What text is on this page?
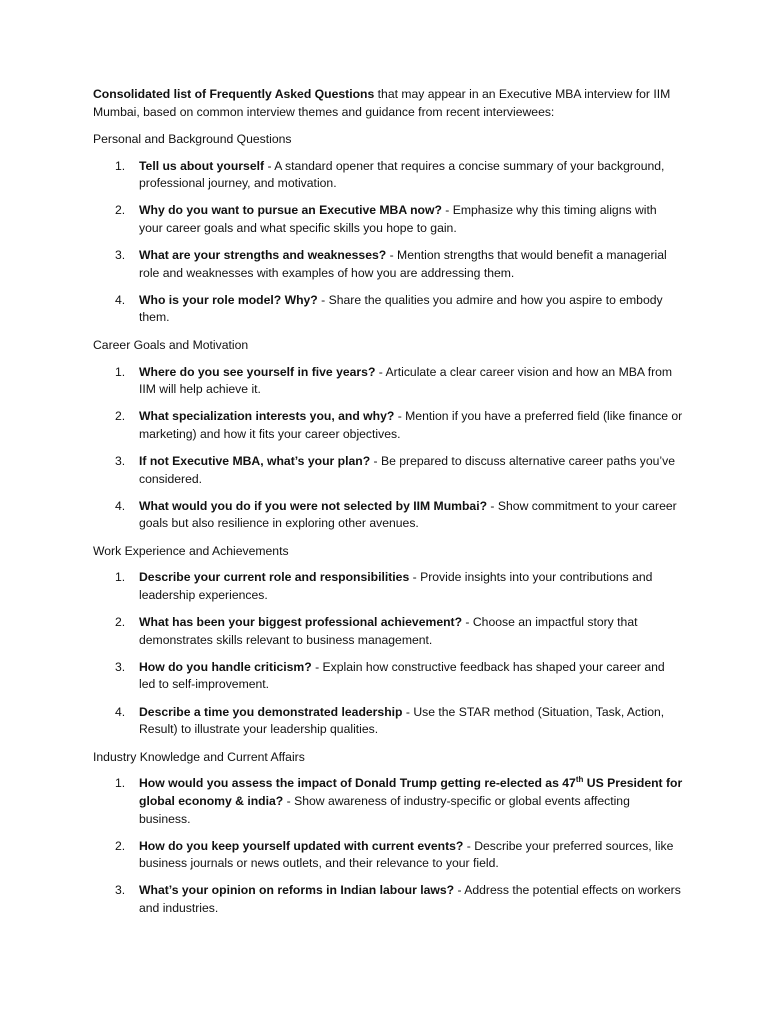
Consolidated list of Frequently Asked Questions that may appear in an Executive MBA interview for IIM Mumbai, based on common interview themes and guidance from recent interviewees:

Personal and Background Questions
1. Tell us about yourself - A standard opener that requires a concise summary of your background, professional journey, and motivation.
2. Why do you want to pursue an Executive MBA now? - Emphasize why this timing aligns with your career goals and what specific skills you hope to gain.
3. What are your strengths and weaknesses? - Mention strengths that would benefit a managerial role and weaknesses with examples of how you are addressing them.
4. Who is your role model? Why? - Share the qualities you admire and how you aspire to embody them.
Career Goals and Motivation
1. Where do you see yourself in five years? - Articulate a clear career vision and how an MBA from IIM will help achieve it.
2. What specialization interests you, and why? - Mention if you have a preferred field (like finance or marketing) and how it fits your career objectives.
3. If not Executive MBA, what’s your plan? - Be prepared to discuss alternative career paths you’ve considered.
4. What would you do if you were not selected by IIM Mumbai? - Show commitment to your career goals but also resilience in exploring other avenues.
Work Experience and Achievements
1. Describe your current role and responsibilities - Provide insights into your contributions and leadership experiences.
2. What has been your biggest professional achievement? - Choose an impactful story that demonstrates skills relevant to business management.
3. How do you handle criticism? - Explain how constructive feedback has shaped your career and led to self-improvement.
4. Describe a time you demonstrated leadership - Use the STAR method (Situation, Task, Action, Result) to illustrate your leadership qualities.
Industry Knowledge and Current Affairs
1. How would you assess the impact of Donald Trump getting re-elected as 47th US President for global economy & india? - Show awareness of industry-specific or global events affecting business.
2. How do you keep yourself updated with current events? - Describe your preferred sources, like business journals or news outlets, and their relevance to your field.
3. What’s your opinion on reforms in Indian labour laws? - Address the potential effects on workers and industries.
